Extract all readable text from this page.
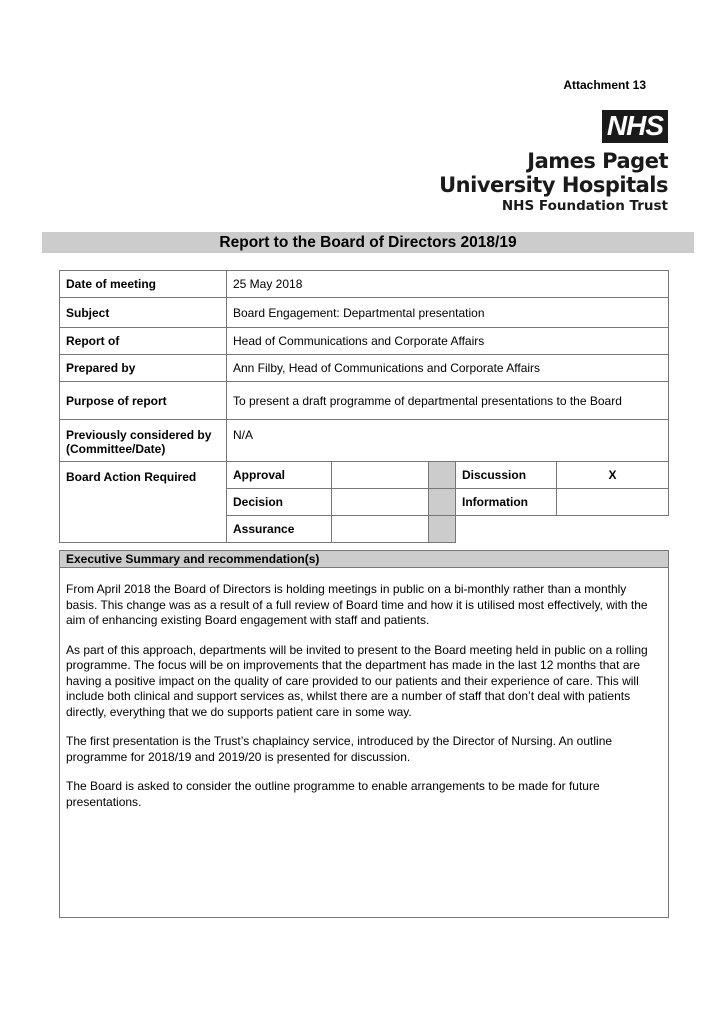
Attachment 13
NHS
James Paget
University Hospitals
NHS Foundation Trust
Report to the Board of Directors 2018/19
Date of meeting	25 May 2018				
Subject	Board Engagement: Departmental presentation				
Report of	Head of Communications and Corporate Affairs				
Prepared by	Ann Filby, Head of Communications and Corporate Affairs				
Purpose of report	To present a draft programme of departmental presentations to the Board				

Previously considered by
(Committee/Date)	N/A				
Board Action Required	Approval			Discussion	X
	Decision			Information	
	Assurance				
Executive Summary and recommendation(s)

From April 2018 the Board of Directors is holding meetings in public on a bi-monthly rather than a monthly basis. This change was as a result of a full review of Board time and how it is utilised most effectively, with the aim of enhancing existing Board engagement with staff and patients.

As part of this approach, departments will be invited to present to the Board meeting held in public on a rolling programme. The focus will be on improvements that the department has made in the last 12 months that are having a positive impact on the quality of care provided to our patients and their experience of care. This will include both clinical and support services as, whilst there are a number of staff that don’t deal with patients directly, everything that we do supports patient care in some way.

The first presentation is the Trust’s chaplaincy service, introduced by the Director of Nursing. An outline programme for 2018/19 and 2019/20 is presented for discussion.

The Board is asked to consider the outline programme to enable arrangements to be made for future presentations.
